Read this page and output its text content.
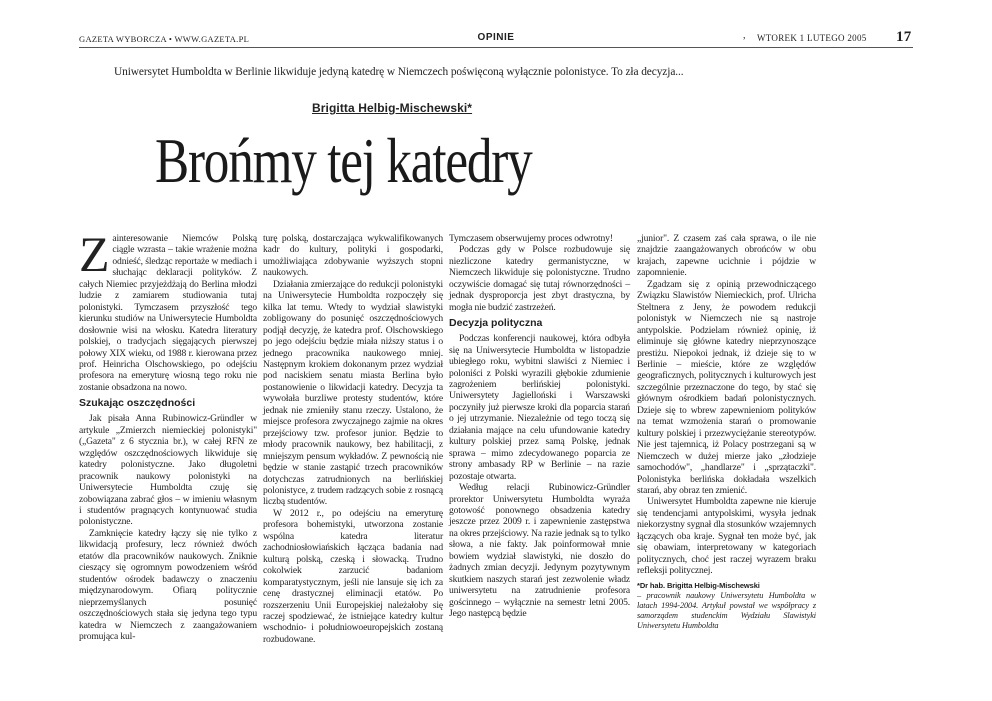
GAZETA WYBORCZA • WWW.GAZETA.PL	OPINIE	, WTOREK 1 LUTEGO 2005 17
Uniwersytet Humboldta w Berlinie likwiduje jedyną katedrę w Niemczech poświęconą wyłącznie polonistyce. To zła decyzja...
Brigitta Helbig-Mischewski*
Brońmy tej katedry

Zainteresowanie Niemców Polską ciągle wzrasta – takie wrażenie można odnieść, śledząc reportaże w mediach i słuchając deklaracji polityków. Z całych Niemiec przyjeżdżają do Berlina młodzi ludzie z zamiarem studiowania tutaj polonistyki. Tymczasem przyszłość tego kierunku studiów na Uniwersytecie Humboldta dosłownie wisi na włosku. Katedra literatury polskiej, o tradycjach sięgających pierwszej połowy XIX wieku, od 1988 r. kierowana przez prof. Heinricha Olschowskiego, po odejściu profesora na emeryturę wiosną tego roku nie zostanie obsadzona na nowo.

Szukając oszczędności

Jak pisała Anna Rubinowicz-Gründler w artykule „Zmierzch niemieckiej polonistyki" („Gazeta" z 6 stycznia br.), w całej RFN ze względów oszczędnościowych likwiduje się katedry polonistyczne. Jako długoletni pracownik naukowy polonistyki na Uniwersytecie Humboldta czuję się zobowiązana zabrać głos – w imieniu własnym i studentów pragnących kontynuować studia polonistyczne.

Zamknięcie katedry łączy się nie tylko z likwidacją profesury, lecz również dwóch etatów dla pracowników naukowych. Zniknie cieszący się ogromnym powodzeniem wśród studentów ośrodek badawczy o znaczeniu międzynarodowym. Ofiarą politycznie nieprzemyślanych posunięć oszczędnościowych stała się jedyna tego typu katedra w Niemczech z zaangażowaniem promująca kul-

turę polską, dostarczająca wykwalifikowanych kadr do kultury, polityki i gospodarki, umożliwiająca zdobywanie wyższych stopni naukowych.

Działania zmierzające do redukcji polonistyki na Uniwersytecie Humboldta rozpoczęły się kilka lat temu. Wtedy to wydział slawistyki zobligowany do posunięć oszczędnościowych podjął decyzję, że katedra prof. Olschowskiego po jego odejściu będzie miała niższy status i o jednego pracownika naukowego mniej. Następnym krokiem dokonanym przez wydział pod naciskiem senatu miasta Berlina było postanowienie o likwidacji katedry. Decyzja ta wywołała burzliwe protesty studentów, które jednak nie zmieniły stanu rzeczy. Ustalono, że miejsce profesora zwyczajnego zajmie na okres przejściowy tzw. profesor junior. Będzie to młody pracownik naukowy, bez habilitacji, z mniejszym pensum wykładów. Z pewnością nie będzie w stanie zastąpić trzech pracowników dotychczas zatrudnionych na berlińskiej polonistyce, z trudem radzących sobie z rosnącą liczbą studentów.

W 2012 r., po odejściu na emeryturę profesora bohemistyki, utworzona zostanie wspólna katedra literatur zachodniosłowiańskich łącząca badania nad kulturą polską, czeską i słowacką. Trudno cokolwiek zarzucić badaniom komparatystycznym, jeśli nie lansuje się ich za cenę drastycznej eliminacji etatów. Po rozszerzeniu Unii Europejskiej należałoby się raczej spodziewać, że istniejące katedry kultur wschodnio- i południowoeuropejskich zostaną rozbudowane.

Tymczasem obserwujemy proces odwrotny!

Podczas gdy w Polsce rozbudowuje się niezliczone katedry germanistyczne, w Niemczech likwiduje się polonistyczne. Trudno oczywiście domagać się tutaj równorzędności – jednak dysproporcja jest zbyt drastyczna, by mogła nie budzić zastrzeżeń.

Decyzja polityczna

Podczas konferencji naukowej, która odbyła się na Uniwersytecie Humboldta w listopadzie ubiegłego roku, wybitni slawiści z Niemiec i poloniści z Polski wyrazili głębokie zdumienie zagrożeniem berlińskiej polonistyki. Uniwersytety Jagielloński i Warszawski poczyniły już pierwsze kroki dla poparcia starań o jej utrzymanie. Niezależnie od tego toczą się działania mające na celu ufundowanie katedry kultury polskiej przez samą Polskę, jednak sprawa – mimo zdecydowanego poparcia ze strony ambasady RP w Berlinie – na razie pozostaje otwarta.

Według relacji Rubinowicz-Gründler prorektor Uniwersytetu Humboldta wyraża gotowość ponownego obsadzenia katedry jeszcze przez 2009 r. i zapewnienie zastępstwa na okres przejściowy. Na razie jednak są to tylko słowa, a nie fakty. Jak poinformował mnie bowiem wydział slawistyki, nie doszło do żadnych zmian decyzji. Jedynym pozytywnym skutkiem naszych starań jest zezwolenie władz uniwersytetu na zatrudnienie profesora gościnnego – wyłącznie na semestr letni 2005. Jego następcą będzie

„junior". Z czasem zaś cała sprawa, o ile nie znajdzie zaangażowanych obrońców w obu krajach, zapewne ucichnie i pójdzie w zapomnienie.

Zgadzam się z opinią przewodniczącego Związku Slawistów Niemieckich, prof. Ulricha Steltnera z Jeny, że powodem redukcji polonistyk w Niemczech nie są nastroje antypolskie. Podzielam również opinię, iż eliminuje się główne katedry nieprzynoszące prestiżu. Niepokoi jednak, iż dzieje się to w Berlinie – mieście, które ze względów geograficznych, politycznych i kulturowych jest szczególnie przeznaczone do tego, by stać się głównym ośrodkiem badań polonistycznych. Dzieje się to wbrew zapewnieniom polityków na temat wzmożenia starań o promowanie kultury polskiej i przezwyciężanie stereotypów. Nie jest tajemnicą, iż Polacy postrzegani są w Niemczech w dużej mierze jako „złodzieje samochodów", „handlarze" i „sprzątaczki". Polonistyka berlińska dokładała wszelkich starań, aby obraz ten zmienić.

Uniwersytet Humboldta zapewne nie kieruje się tendencjami antypolskimi, wysyła jednak niekorzystny sygnał dla stosunków wzajemnych łączących oba kraje. Sygnał ten może być, jak się obawiam, interpretowany w kategoriach politycznych, choć jest raczej wyrazem braku refleksji politycznej.

*Dr hab. Brigitta Helbig-Mischewski
– pracownik naukowy Uniwersytetu Humboldta w latach 1994-2004. Artykuł powstał we współpracy z samorządem studenckim Wydziału Slawistyki Uniwersytetu Humboldta
